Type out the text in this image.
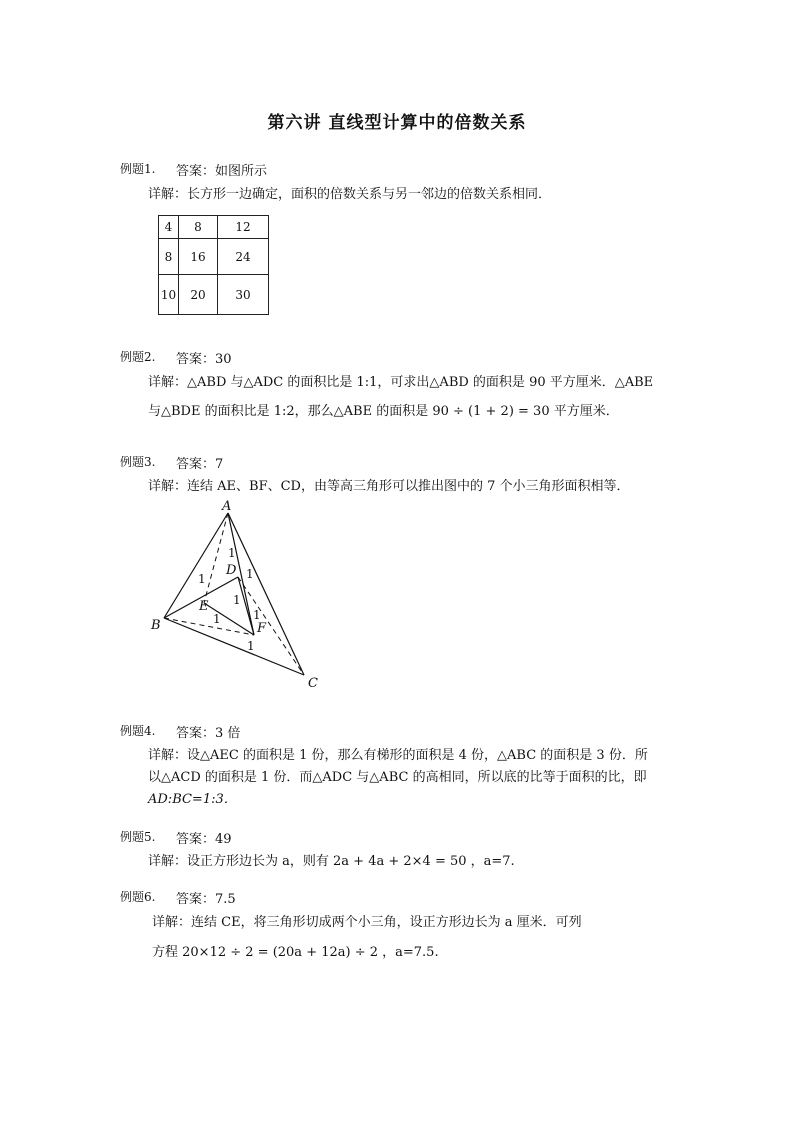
第六讲 直线型计算中的倍数关系
例题1. 答案：如图所示
详解：长方形一边确定，面积的倍数关系与另一邻边的倍数关系相同．
4	8	12
8	16	24
10	20	30
例题2. 答案：30
详解：△ABD 与△ADC 的面积比是 1:1，可求出△ABD 的面积是 90 平方厘米．△ABE
与△BDE 的面积比是 1:2，那么△ABE 的面积是 90 ÷ (1 + 2) = 30 平方厘米．
例题3. 答案：7
详解：连结 AE、BF、CD，由等高三角形可以推出图中的 7 个小三角形面积相等．
A
B
C
D
E
F
1
1	1
1
1
1
1
例题4. 答案：3 倍
详解：设△AEC 的面积是 1 份，那么有梯形的面积是 4 份，△ABC 的面积是 3 份．所
以△ACD 的面积是 1 份．而△ADC 与△ABC 的高相同，所以底的比等于面积的比，即
AD:BC=1:3．
例题5. 答案：49
详解：设正方形边长为 a，则有 2a + 4a + 2×4 = 50 ，a=7.
例题6. 答案：7.5
详解：连结 CE，将三角形切成两个小三角，设正方形边长为 a 厘米．可列
方程 20×12 ÷ 2 = (20a + 12a) ÷ 2 ，a=7.5.
